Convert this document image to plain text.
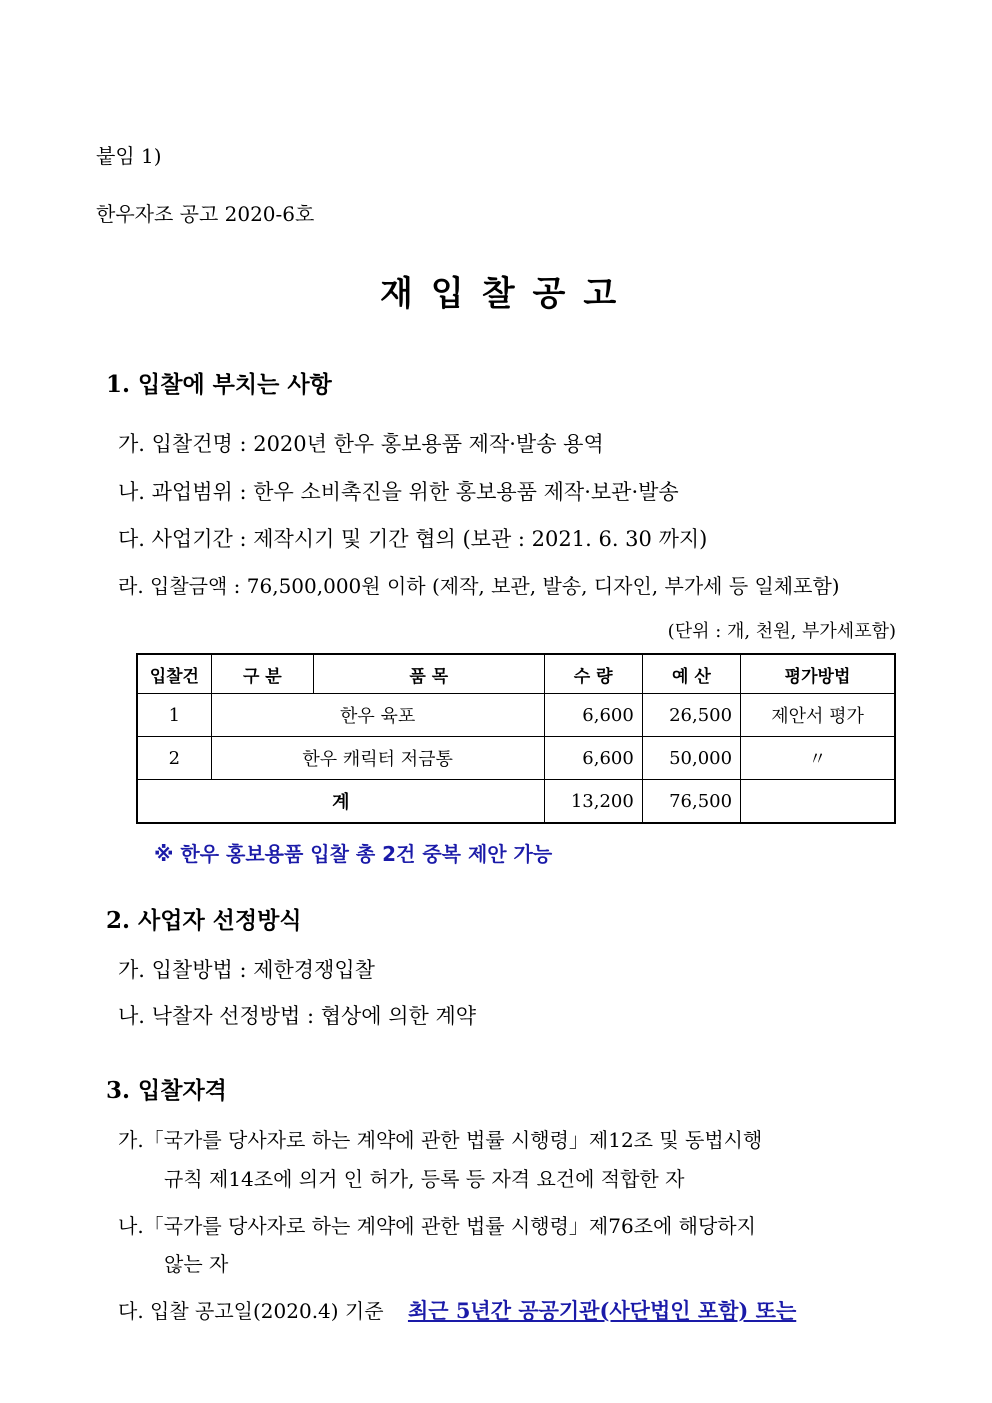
붙임 1)
한우자조 공고 2020-6호
재입찰공고
1. 입찰에 부치는 사항
가. 입찰건명 : 2020년 한우 홍보용품 제작·발송 용역
나. 과업범위 : 한우 소비촉진을 위한 홍보용품 제작·보관·발송
다. 사업기간 : 제작시기 및 기간 협의 (보관 : 2021. 6. 30 까지)
라. 입찰금액 : 76,500,000원 이하 (제작, 보관, 발송, 디자인, 부가세 등 일체포함)
(단위 : 개, 천원, 부가세포함)
입찰건	구 분	품 목	수 량	예 산	평가방법
1	한우 육포		6,600	26,500	제안서 평가
2	한우 캐릭터 저금통		6,600	50,000	〃
계			13,200	76,500	
※ 한우 홍보용품 입찰 총 2건 중복 제안 가능
2. 사업자 선정방식
가. 입찰방법 : 제한경쟁입찰
나. 낙찰자 선정방법 : 협상에 의한 계약
3. 입찰자격
가.「국가를 당사자로 하는 계약에 관한 법률 시행령」제12조 및 동법시행
규칙 제14조에 의거 인 허가, 등록 등 자격 요건에 적합한 자
나.「국가를 당사자로 하는 계약에 관한 법률 시행령」제76조에 해당하지
않는 자
다. 입찰 공고일(2020.4) 기준 최근 5년간 공공기관(사단법인 포함) 또는
